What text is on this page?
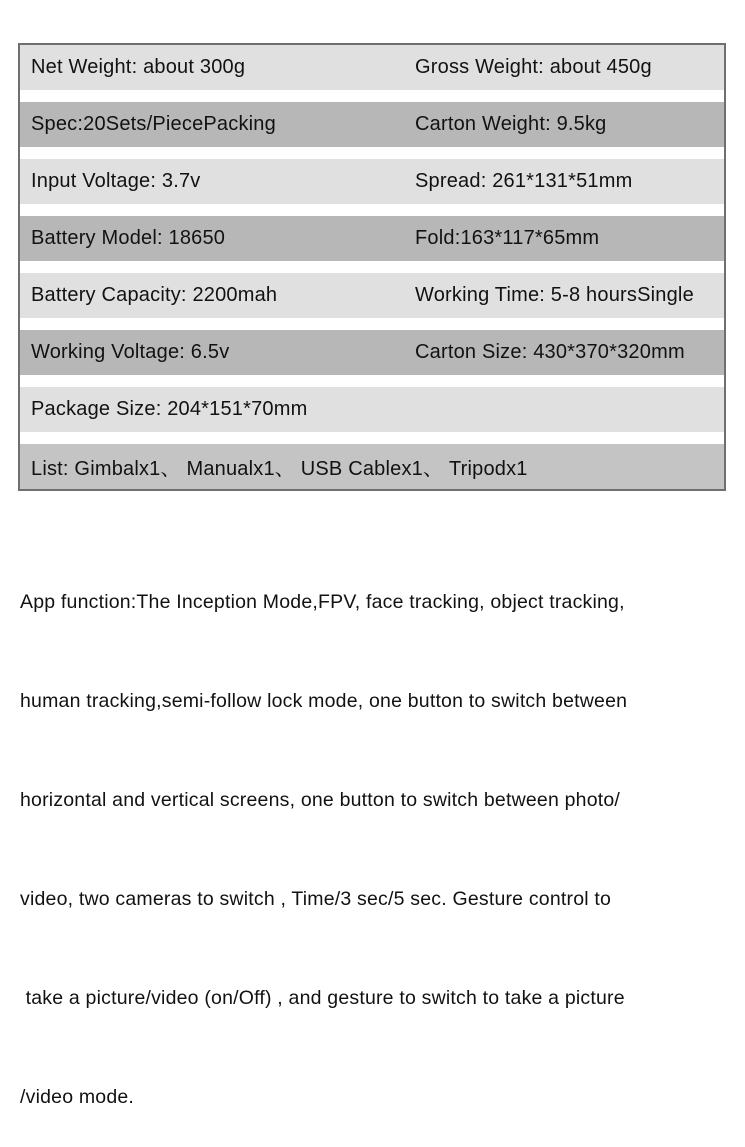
Net Weight: about 300g	Gross Weight: about 450g
Spec:20Sets/PiecePacking	Carton Weight: 9.5kg
Input Voltage: 3.7v	Spread: 261*131*51mm
Battery Model: 18650	Fold:163*117*65mm
Battery Capacity: 2200mah	Working Time: 5-8 hoursSingle
Working Voltage: 6.5v	Carton Size: 430*370*320mm
Package Size: 204*151*70mm
List: Gimbalx1、 Manualx1、 USB Cablex1、 Tripodx1

App function:The Inception Mode,FPV, face tracking, object tracking,

human tracking,semi-follow lock mode, one button to switch between

horizontal and vertical screens, one button to switch between photo/

video, two cameras to switch , Time/3 sec/5 sec. Gesture control to

take a picture/video (on/Off) , and gesture to switch to take a picture

/video mode.
